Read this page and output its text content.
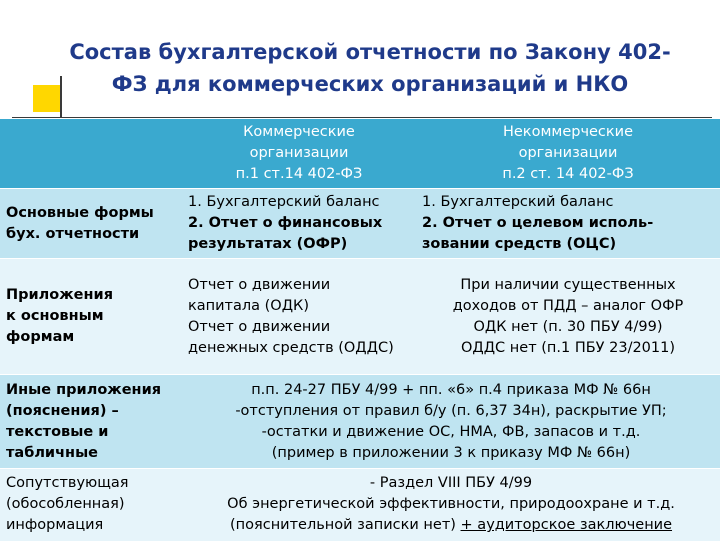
Состав бухгалтерской отчетности по Закону 402-
ФЗ для коммерческих организаций и НКО

	Коммерческие
организации
п.1 ст.14 402-ФЗ	Некоммерческие
организации
п.2 ст. 14 402-ФЗ

Основные формы
бух. отчетности	1. Бухгалтерский баланс
2. Отчет о финансовых
результатах (ОФР)	1. Бухгалтерский баланс
2. Отчет о целевом исполь-
зовании средств (ОЦС)

Приложения
к основным
формам	Отчет о движении
капитала (ОДК)
Отчет о движении
денежных средств (ОДДС)	При наличии существенных
доходов от ПДД – аналог ОФР
ОДК нет (п. 30 ПБУ 4/99)
ОДДС нет (п.1 ПБУ 23/2011)

Иные приложения
(пояснения) –
текстовые и
табличные	п.п. 24-27 ПБУ 4/99 + пп. «6» п.4 приказа МФ № 66н
-отступления от правил б/у (п. 6,37 34н), раскрытие УП;
-остатки и движение ОС, НМА, ФВ, запасов и т.д.
(пример в приложении 3 к приказу МФ № 66н)	

Сопутствующая
(обособленная)
информация	- Раздел VIII ПБУ 4/99
Об энергетической эффективности, природоохране и т.д.
(пояснительной записки нет) + аудиторское заключение	
